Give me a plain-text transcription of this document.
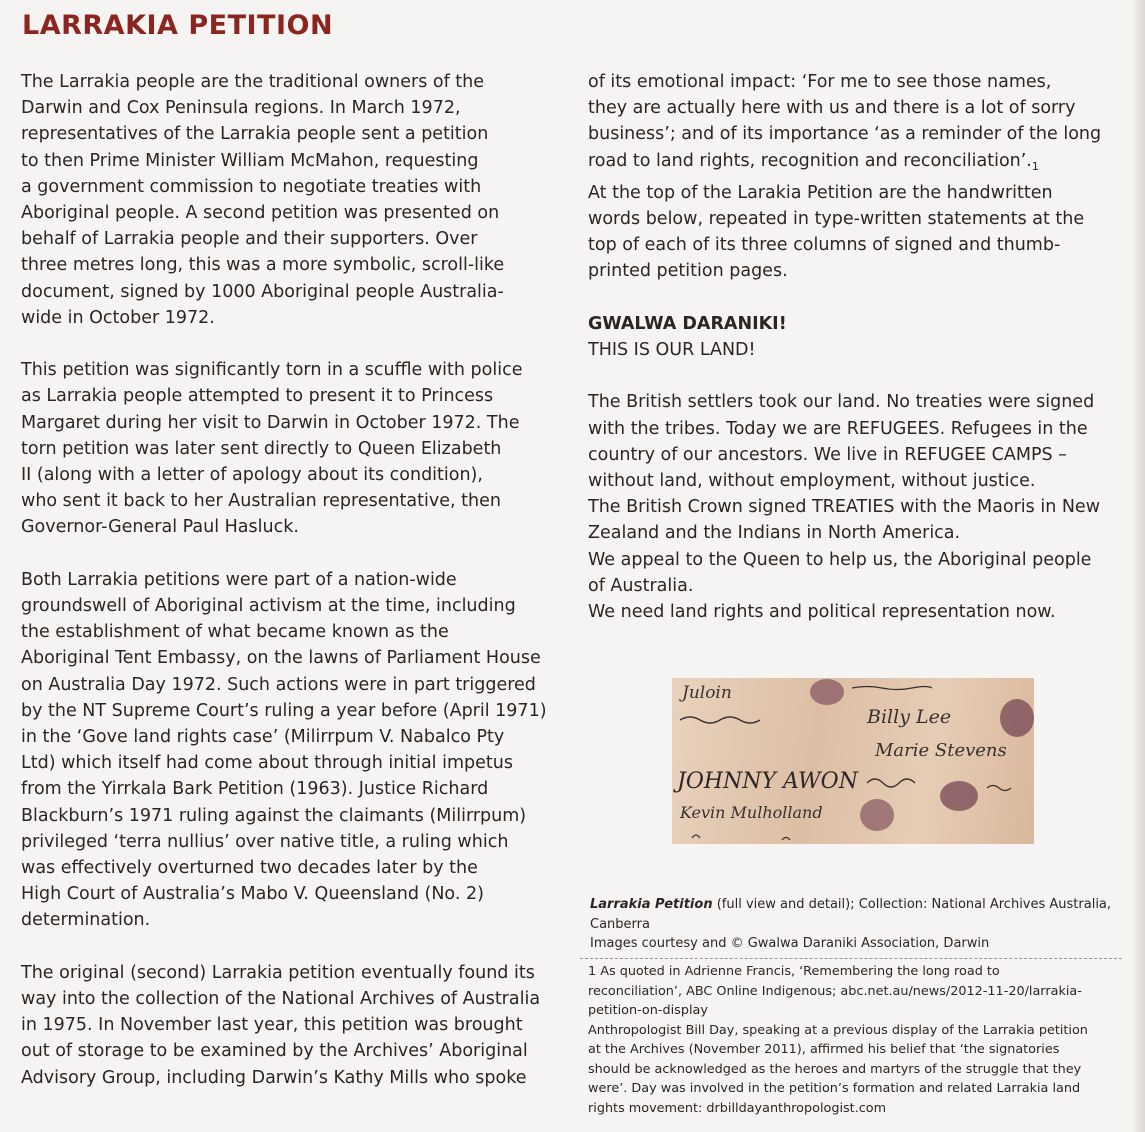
LARRAKIA PETITION

The Larrakia people are the traditional owners of the
Darwin and Cox Peninsula regions. In March 1972,
representatives of the Larrakia people sent a petition
to then Prime Minister William McMahon, requesting
a government commission to negotiate treaties with
Aboriginal people. A second petition was presented on
behalf of Larrakia people and their supporters. Over
three metres long, this was a more symbolic, scroll-like
document, signed by 1000 Aboriginal people Australia-
wide in October 1972.

This petition was significantly torn in a scuffle with police
as Larrakia people attempted to present it to Princess
Margaret during her visit to Darwin in October 1972. The
torn petition was later sent directly to Queen Elizabeth
II (along with a letter of apology about its condition),
who sent it back to her Australian representative, then
Governor-General Paul Hasluck.

Both Larrakia petitions were part of a nation-wide
groundswell of Aboriginal activism at the time, including
the establishment of what became known as the
Aboriginal Tent Embassy, on the lawns of Parliament House
on Australia Day 1972. Such actions were in part triggered
by the NT Supreme Court’s ruling a year before (April 1971)
in the ‘Gove land rights case’ (Milirrpum V. Nabalco Pty
Ltd) which itself had come about through initial impetus
from the Yirrkala Bark Petition (1963). Justice Richard
Blackburn’s 1971 ruling against the claimants (Milirrpum)
privileged ‘terra nullius’ over native title, a ruling which
was effectively overturned two decades later by the
High Court of Australia’s Mabo V. Queensland (No. 2)
determination.

The original (second) Larrakia petition eventually found its
way into the collection of the National Archives of Australia
in 1975. In November last year, this petition was brought
out of storage to be examined by the Archives’ Aboriginal
Advisory Group, including Darwin’s Kathy Mills who spoke

of its emotional impact: ‘For me to see those names,
they are actually here with us and there is a lot of sorry
business’; and of its importance ‘as a reminder of the long
road to land rights, recognition and $reconciliation’._1$

At the top of the Larakia Petition are the handwritten
words below, repeated in type-written statements at the
top of each of its three columns of signed and thumb-
printed petition pages.

GWALWA DARANIKI!

THIS IS OUR LAND!

The British settlers took our land. No treaties were signed
with the tribes. Today we are REFUGEES. Refugees in the
country of our ancestors. We live in REFUGEE CAMPS –
without land, without employment, without justice.
The British Crown signed TREATIES with the Maoris in New
Zealand and the Indians in North America.
We appeal to the Queen to help us, the Aboriginal people
of Australia.
We need land rights and political representation now.

Juloin
Billy Lee
Marie Stevens
JOHNNY AWON
Kevin Mulholland

Larrakia Petition (full view and detail); Collection: National Archives Australia, Canberra

Images courtesy and © Gwalwa Daraniki Association, Darwin

1 As quoted in Adrienne Francis, ‘Remembering the long road to
reconciliation’, ABC Online Indigenous; abc.net.au/news/2012-11-20/larrakia-
petition-on-display

Anthropologist Bill Day, speaking at a previous display of the Larrakia petition
at the Archives (November 2011), affirmed his belief that ‘the signatories
should be acknowledged as the heroes and martyrs of the struggle that they
were’. Day was involved in the petition’s formation and related Larrakia land
rights movement: drbilldayanthropologist.com
